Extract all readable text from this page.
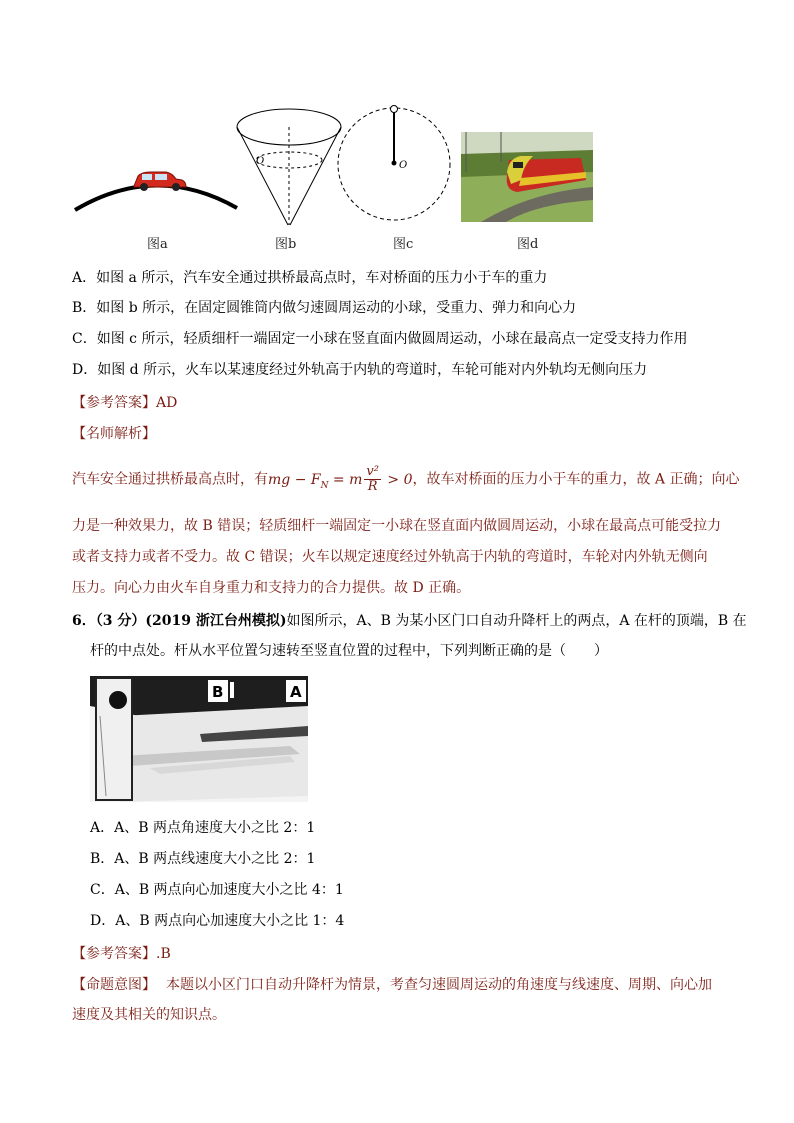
图a
O
图b
O
图c	图d
A．如图 a 所示，汽车安全通过拱桥最高点时，车对桥面的压力小于车的重力
B．如图 b 所示，在固定圆锥筒内做匀速圆周运动的小球，受重力、弹力和向心力
C．如图 c 所示，轻质细杆一端固定一小球在竖直面内做圆周运动，小球在最高点一定受支持力作用
D．如图 d 所示，火车以某速度经过外轨高于内轨的弯道时，车轮可能对内外轨均无侧向压力
【参考答案】AD
【名师解析】
汽车安全通过拱桥最高点时，有mg − $F_N = m \frac{\text{v²}}{R} > 0$，故车对桥面的压力小于车的重力，故 A 正确；向心
力是一种效果力，故 B 错误；轻质细杆一端固定一小球在竖直面内做圆周运动，小球在最高点可能受拉力
或者支持力或者不受力。故 C 错误；火车以规定速度经过外轨高于内轨的弯道时，车轮对内外轨无侧向
压力。向心力由火车自身重力和支持力的合力提供。故 D 正确。
6．（3 分）(2019 浙江台州模拟)如图所示，A、B 为某小区门口自动升降杆上的两点，A 在杆的顶端，B 在
杆的中点处。杆从水平位置匀速转至竖直位置的过程中，下列判断正确的是（　　）
B	A
A．A、B 两点角速度大小之比 2：1
B．A、B 两点线速度大小之比 2：1
C．A、B 两点向心加速度大小之比 4：1
D．A、B 两点向心加速度大小之比 1：4
【参考答案】.B
【命题意图】 本题以小区门口自动升降杆为情景，考查匀速圆周运动的角速度与线速度、周期、向心加
速度及其相关的知识点。
